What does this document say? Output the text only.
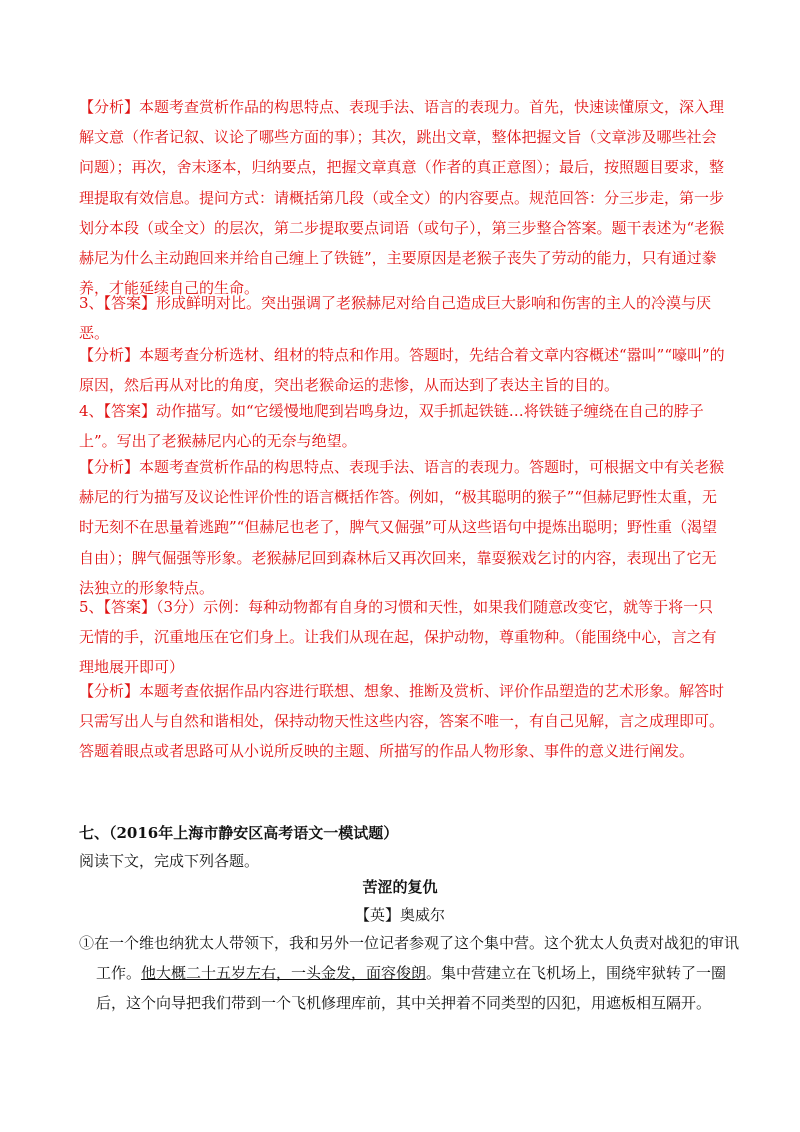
【分析】本题考查赏析作品的构思特点、表现手法、语言的表现力。首先，快速读懂原文，深入理解文意（作者记叙、议论了哪些方面的事）；其次，跳出文章，整体把握文旨（文章涉及哪些社会问题）；再次，舍末逐本，归纳要点，把握文章真意（作者的真正意图）；最后，按照题目要求，整理提取有效信息。提问方式：请概括第几段（或全文）的内容要点。规范回答：分三步走，第一步划分本段（或全文）的层次，第二步提取要点词语（或句子），第三步整合答案。题干表述为“老猴赫尼为什么主动跑回来并给自己缠上了铁链”，主要原因是老猴子丧失了劳动的能力，只有通过豢养，才能延续自己的生命。
3、【答案】形成鲜明对比。突出强调了老猴赫尼对给自己造成巨大影响和伤害的主人的冷漠与厌恶。
【分析】本题考查分析选材、组材的特点和作用。答题时，先结合着文章内容概述“嚣叫”“嚎叫”的原因，然后再从对比的角度，突出老猴命运的悲惨，从而达到了表达主旨的目的。
4、【答案】动作描写。如“它缓慢地爬到岩鸣身边，双手抓起铁链…将铁链子缠绕在自己的脖子上”。写出了老猴赫尼内心的无奈与绝望。
【分析】本题考查赏析作品的构思特点、表现手法、语言的表现力。答题时，可根据文中有关老猴赫尼的行为描写及议论性评价性的语言概括作答。例如，“极其聪明的猴子”“但赫尼野性太重，无时无刻不在思量着逃跑”“但赫尼也老了，脾气又倔强”可从这些语句中提炼出聪明；野性重（渴望自由）；脾气倔强等形象。老猴赫尼回到森林后又再次回来，靠耍猴戏乞讨的内容，表现出了它无法独立的形象特点。
5、【答案】（3分）示例：每种动物都有自身的习惯和天性，如果我们随意改变它，就等于将一只无情的手，沉重地压在它们身上。让我们从现在起，保护动物，尊重物种。（能围绕中心，言之有理地展开即可）
【分析】本题考查依据作品内容进行联想、想象、推断及赏析、评价作品塑造的艺术形象。解答时只需写出人与自然和谐相处，保持动物天性这些内容，答案不唯一，有自己见解，言之成理即可。答题着眼点或者思路可从小说所反映的主题、所描写的作品人物形象、事件的意义进行阐发。
七、（2016年上海市静安区高考语文一模试题）
阅读下文，完成下列各题。
苦涩的复仇
【英】奥威尔
①在一个维也纳犹太人带领下，我和另外一位记者参观了这个集中营。这个犹太人负责对战犯的审讯工作。他大概二十五岁左右，一头金发，面容俊朗。集中营建立在飞机场上，围绕牢狱转了一圈后，这个向导把我们带到一个飞机修理库前，其中关押着不同类型的囚犯，用遮板相互隔开。
